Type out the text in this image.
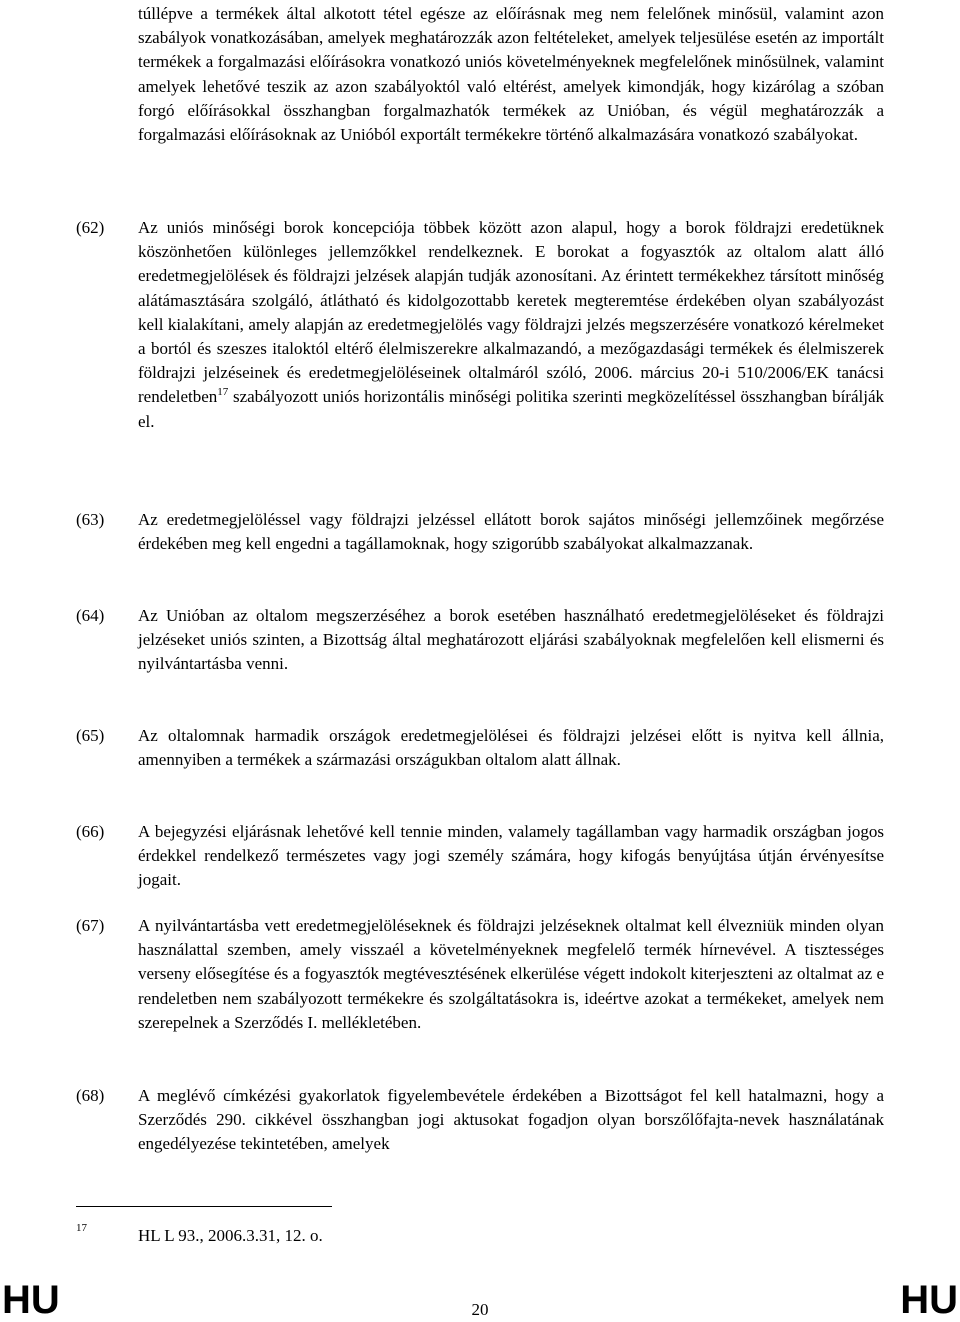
túllépve a termékek által alkotott tétel egésze az előírásnak meg nem felelőnek minősül, valamint azon szabályok vonatkozásában, amelyek meghatározzák azon feltételeket, amelyek teljesülése esetén az importált termékek a forgalmazási előírásokra vonatkozó uniós követelményeknek megfelelőnek minősülnek, valamint amelyek lehetővé teszik az azon szabályoktól való eltérést, amelyek kimondják, hogy kizárólag a szóban forgó előírásokkal összhangban forgalmazhatók termékek az Unióban, és végül meghatározzák a forgalmazási előírásoknak az Unióból exportált termékekre történő alkalmazására vonatkozó szabályokat.

(62) Az uniós minőségi borok koncepciója többek között azon alapul, hogy a borok földrajzi eredetüknek köszönhetően különleges jellemzőkkel rendelkeznek. E borokat a fogyasztók az oltalom alatt álló eredetmegjelölések és földrajzi jelzések alapján tudják azonosítani. Az érintett termékekhez társított minőség alátámasztására szolgáló, átlátható és kidolgozottabb keretek megteremtése érdekében olyan szabályozást kell kialakítani, amely alapján az eredetmegjelölés vagy földrajzi jelzés megszerzésére vonatkozó kérelmeket a bortól és szeszes italoktól eltérő élelmiszerekre alkalmazandó, a mezőgazdasági termékek és élelmiszerek földrajzi jelzéseinek és eredetmegjelöléseinek oltalmáról szóló, 2006. március 20-i 510/2006/EK tanácsi rendeletben$^{17}$ szabályozott uniós horizontális minőségi politika szerinti megközelítéssel összhangban bírálják el.

(63) Az eredetmegjelöléssel vagy földrajzi jelzéssel ellátott borok sajátos minőségi jellemzőinek megőrzése érdekében meg kell engedni a tagállamoknak, hogy szigorúbb szabályokat alkalmazzanak.

(64) Az Unióban az oltalom megszerzéséhez a borok esetében használható eredetmegjelöléseket és földrajzi jelzéseket uniós szinten, a Bizottság által meghatározott eljárási szabályoknak megfelelően kell elismerni és nyilvántartásba venni.

(65) Az oltalomnak harmadik országok eredetmegjelölései és földrajzi jelzései előtt is nyitva kell állnia, amennyiben a termékek a származási országukban oltalom alatt állnak.

(66) A bejegyzési eljárásnak lehetővé kell tennie minden, valamely tagállamban vagy harmadik országban jogos érdekkel rendelkező természetes vagy jogi személy számára, hogy kifogás benyújtása útján érvényesítse jogait.

(67) A nyilvántartásba vett eredetmegjelöléseknek és földrajzi jelzéseknek oltalmat kell élvezniük minden olyan használattal szemben, amely visszaél a követelményeknek megfelelő termék hírnevével. A tisztességes verseny elősegítése és a fogyasztók megtévesztésének elkerülése végett indokolt kiterjeszteni az oltalmat az e rendeletben nem szabályozott termékekre és szolgáltatásokra is, ideértve azokat a termékeket, amelyek nem szerepelnek a Szerződés I. mellékletében.

(68) A meglévő címkézési gyakorlatok figyelembevétele érdekében a Bizottságot fel kell hatalmazni, hogy a Szerződés 290. cikkével összhangban jogi aktusokat fogadjon olyan borszőlőfajta-nevek használatának engedélyezése tekintetében, amelyek

17	HL L 93., 2006.3.31, 12. o.
HU	20	HU
